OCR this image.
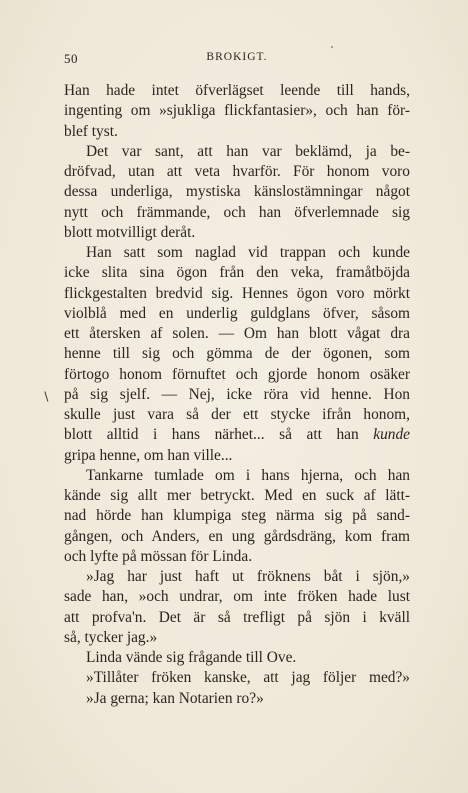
50	BROKIGT.
∖
Han hade intet öfverlägset leende till hands,
ingenting om »sjukliga flickfantasier», och han för-
blef tyst.
Det var sant, att han var beklämd, ja be-
dröfvad, utan att veta hvarför. För honom voro
dessa underliga, mystiska känslostämningar något
nytt och främmande, och han öfverlemnade sig
blott motvilligt deråt.
Han satt som naglad vid trappan och kunde
icke slita sina ögon från den veka, framåtböjda
flickgestalten bredvid sig. Hennes ögon voro mörkt
violblå med en underlig guldglans öfver, såsom
ett återsken af solen. — Om han blott vågat dra
henne till sig och gömma de der ögonen, som
förtogo honom förnuftet och gjorde honom osäker
på sig sjelf. — Nej, icke röra vid henne. Hon
skulle just vara så der ett stycke ifrån honom,
blott alltid i hans närhet... så att han kunde
gripa henne, om han ville...
Tankarne tumlade om i hans hjerna, och han
kände sig allt mer betryckt. Med en suck af lätt-
nad hörde han klumpiga steg närma sig på sand-
gången, och Anders, en ung gårdsdräng, kom fram
och lyfte på mössan för Linda.
»Jag har just haft ut fröknens båt i sjön,»
sade han, »och undrar, om inte fröken hade lust
att profva'n. Det är så trefligt på sjön i kväll
så, tycker jag.»
Linda vände sig frågande till Ove.
»Tillåter fröken kanske, att jag följer med?»
»Ja gerna; kan Notarien ro?»
